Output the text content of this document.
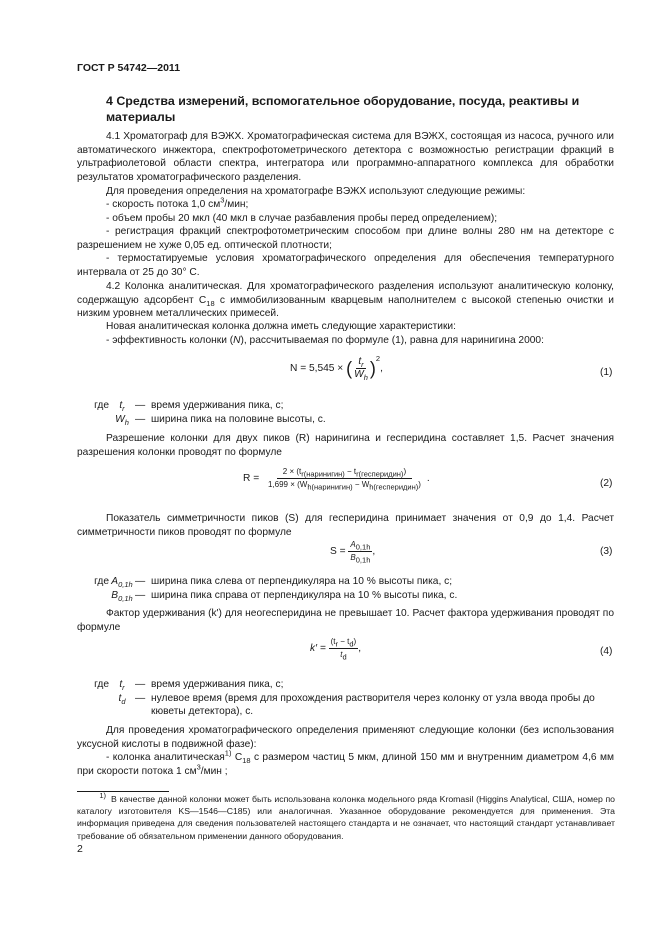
ГОСТ Р 54742—2011
4 Средства измерений, вспомогательное оборудование, посуда, реактивы и материалы
4.1 Хроматограф для ВЭЖХ. Хроматографическая система для ВЭЖХ, состоящая из насоса, ручного или автоматического инжектора, спектрофотометрического детектора с возможностью регистрации фракций в ультрафиолетовой области спектра, интегратора или программно-аппаратного комплекса для обработки результатов хроматографического разделения.
Для проведения определения на хроматографе ВЭЖХ используют следующие режимы:
- скорость потока 1,0 $см^3$/мин;
- объем пробы 20 мкл (40 мкл в случае разбавления пробы перед определением);
- регистрация фракций спектрофотометрическим способом при длине волны 280 нм на детекторе с разрешением не хуже 0,05 ед. оптической плотности;
- термостатируемые условия хроматографического определения для обеспечения температурного интервала от 25 до 30° С.
4.2 Колонка аналитическая. Для хроматографического разделения используют аналитическую колонку, содержащую адсорбент $С_{18}$ с иммобилизованным кварцевым наполнителем с высокой степенью очистки и низким уровнем металлических примесей.
Новая аналитическая колонка должна иметь следующие характеристики:
- эффективность колонки (N), рассчитываемая по формуле (1), равна для наринигина 2000:
N = 5,545 × ( $\frac{t_r}{W_h} )^2$,	(1)
где	$t_r$	— время удерживания пика, с;
$W_h$ — ширина пика на половине высоты, с.
Разрешение колонки для двух пиков (R) наринигина и гесперидина составляет 1,5. Расчет значения разрешения колонки проводят по формуле
$R = \frac{2 \times (t_{r(наринигин)} - t_{r(гесперидин)})}{1,699 \times (W_{h(наринигин)} - W_{h(гесперидин)})}$ .	(2)
Показатель симметричности пиков (S) для гесперидина принимает значения от 0,9 до 1,4. Расчет симметричности пиков проводят по формуле
$S = \frac{A_{0,1h}}{B_{0,1h}}$ ,	(3)
где $A_{0,1h}$ — ширина пика слева от перпендикуляра на 10 % высоты пика, с;
$B_{0,1h}$ — ширина пика справа от перпендикуляра на 10 % высоты пика, с.
Фактор удерживания (k') для неогесперидина не превышает 10. Расчет фактора удерживания проводят по формуле
$k' = \frac{(t_r - t_d)}{t_d}$ ,	(4)
где	$t_r$	— время удерживания пика, с;
$t_d$ — нулевое время (время для прохождения растворителя через колонку от узла ввода пробы до кюветы детектора), с.
Для проведения хроматографического определения применяют следующие колонки (без использования уксусной кислоты в подвижной фазе):
- колонка аналитическая$^{1)}$ $С_{18}$ с размером частиц 5 мкм, длиной 150 мм и внутренним диаметром 4,6 мм при скорости потока 1 $см^3$/мин ;
$^{1)}$ В качестве данной колонки может быть использована колонка модельного ряда Kromasil (Higgins Analytical, США, номер по каталогу изготовителя KS—1546—C185) или аналогичная. Указанное оборудование рекомендуется для применения. Эта информация приведена для сведения пользователей настоящего стандарта и не означает, что настоящий стандарт устанавливает требование об обязательном применении данного оборудования.
2
